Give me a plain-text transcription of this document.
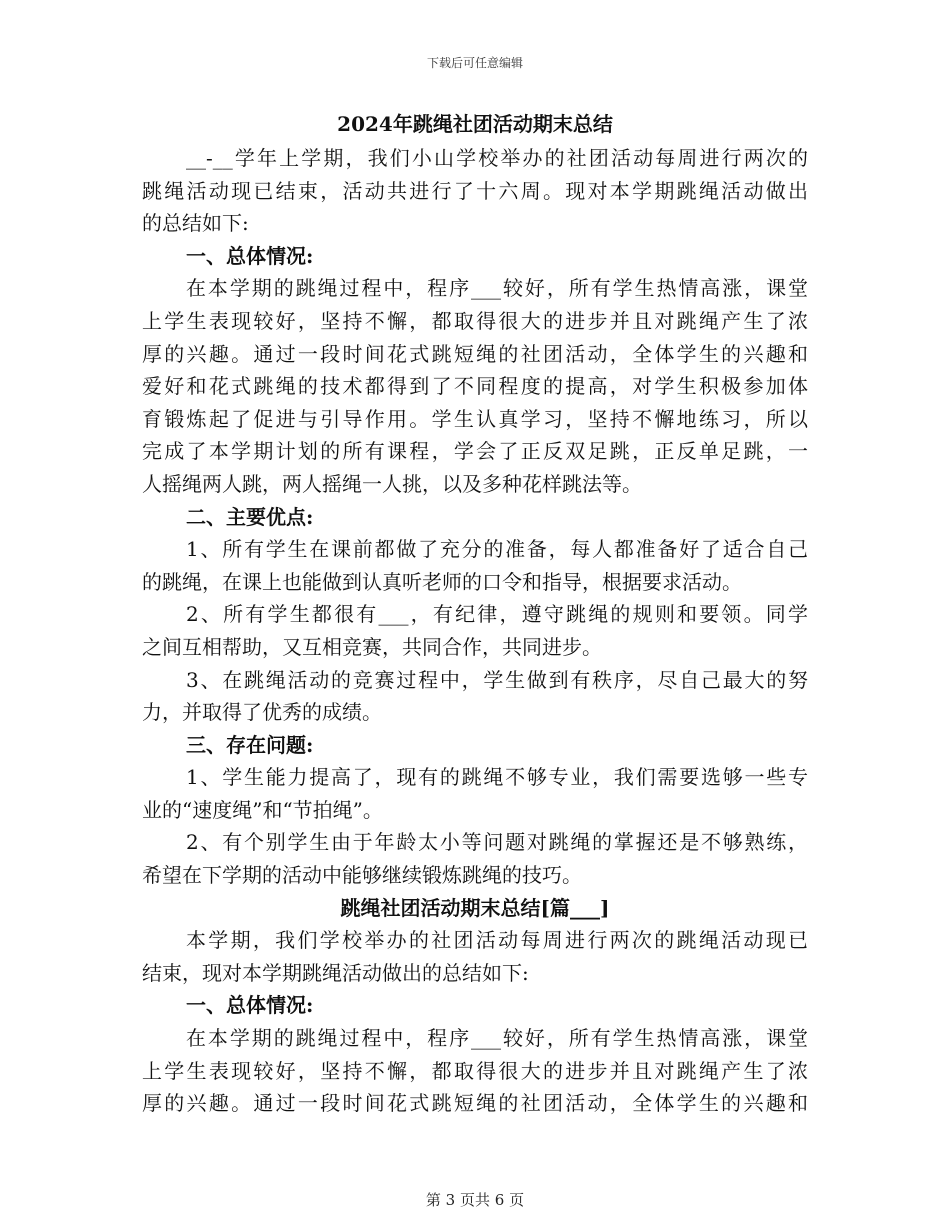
下载后可任意编辑
2024年跳绳社团活动期末总结
__-__学年上学期，我们小山学校举办的社团活动每周进行两次的
跳绳活动现已结束，活动共进行了十六周。现对本学期跳绳活动做出
的总结如下:
一、总体情况:
在本学期的跳绳过程中，程序___较好，所有学生热情高涨，课堂
上学生表现较好，坚持不懈，都取得很大的进步并且对跳绳产生了浓
厚的兴趣。通过一段时间花式跳短绳的社团活动，全体学生的兴趣和
爱好和花式跳绳的技术都得到了不同程度的提高，对学生积极参加体
育锻炼起了促进与引导作用。学生认真学习，坚持不懈地练习，所以
完成了本学期计划的所有课程，学会了正反双足跳，正反单足跳，一
人摇绳两人跳，两人摇绳一人挑，以及多种花样跳法等。
二、主要优点:
1、所有学生在课前都做了充分的准备，每人都准备好了适合自己
的跳绳，在课上也能做到认真听老师的口令和指导，根据要求活动。
2、所有学生都很有___，有纪律，遵守跳绳的规则和要领。同学
之间互相帮助，又互相竞赛，共同合作，共同进步。
3、在跳绳活动的竞赛过程中，学生做到有秩序，尽自己最大的努
力，并取得了优秀的成绩。
三、存在问题:
1、学生能力提高了，现有的跳绳不够专业，我们需要选够一些专
业的“速度绳”和“节拍绳”。
2、有个别学生由于年龄太小等问题对跳绳的掌握还是不够熟练，
希望在下学期的活动中能够继续锻炼跳绳的技巧。
跳绳社团活动期末总结[篇___]
本学期，我们学校举办的社团活动每周进行两次的跳绳活动现已
结束，现对本学期跳绳活动做出的总结如下:
一、总体情况:
在本学期的跳绳过程中，程序___较好，所有学生热情高涨，课堂
上学生表现较好，坚持不懈，都取得很大的进步并且对跳绳产生了浓
厚的兴趣。通过一段时间花式跳短绳的社团活动，全体学生的兴趣和
第 3 页共 6 页
